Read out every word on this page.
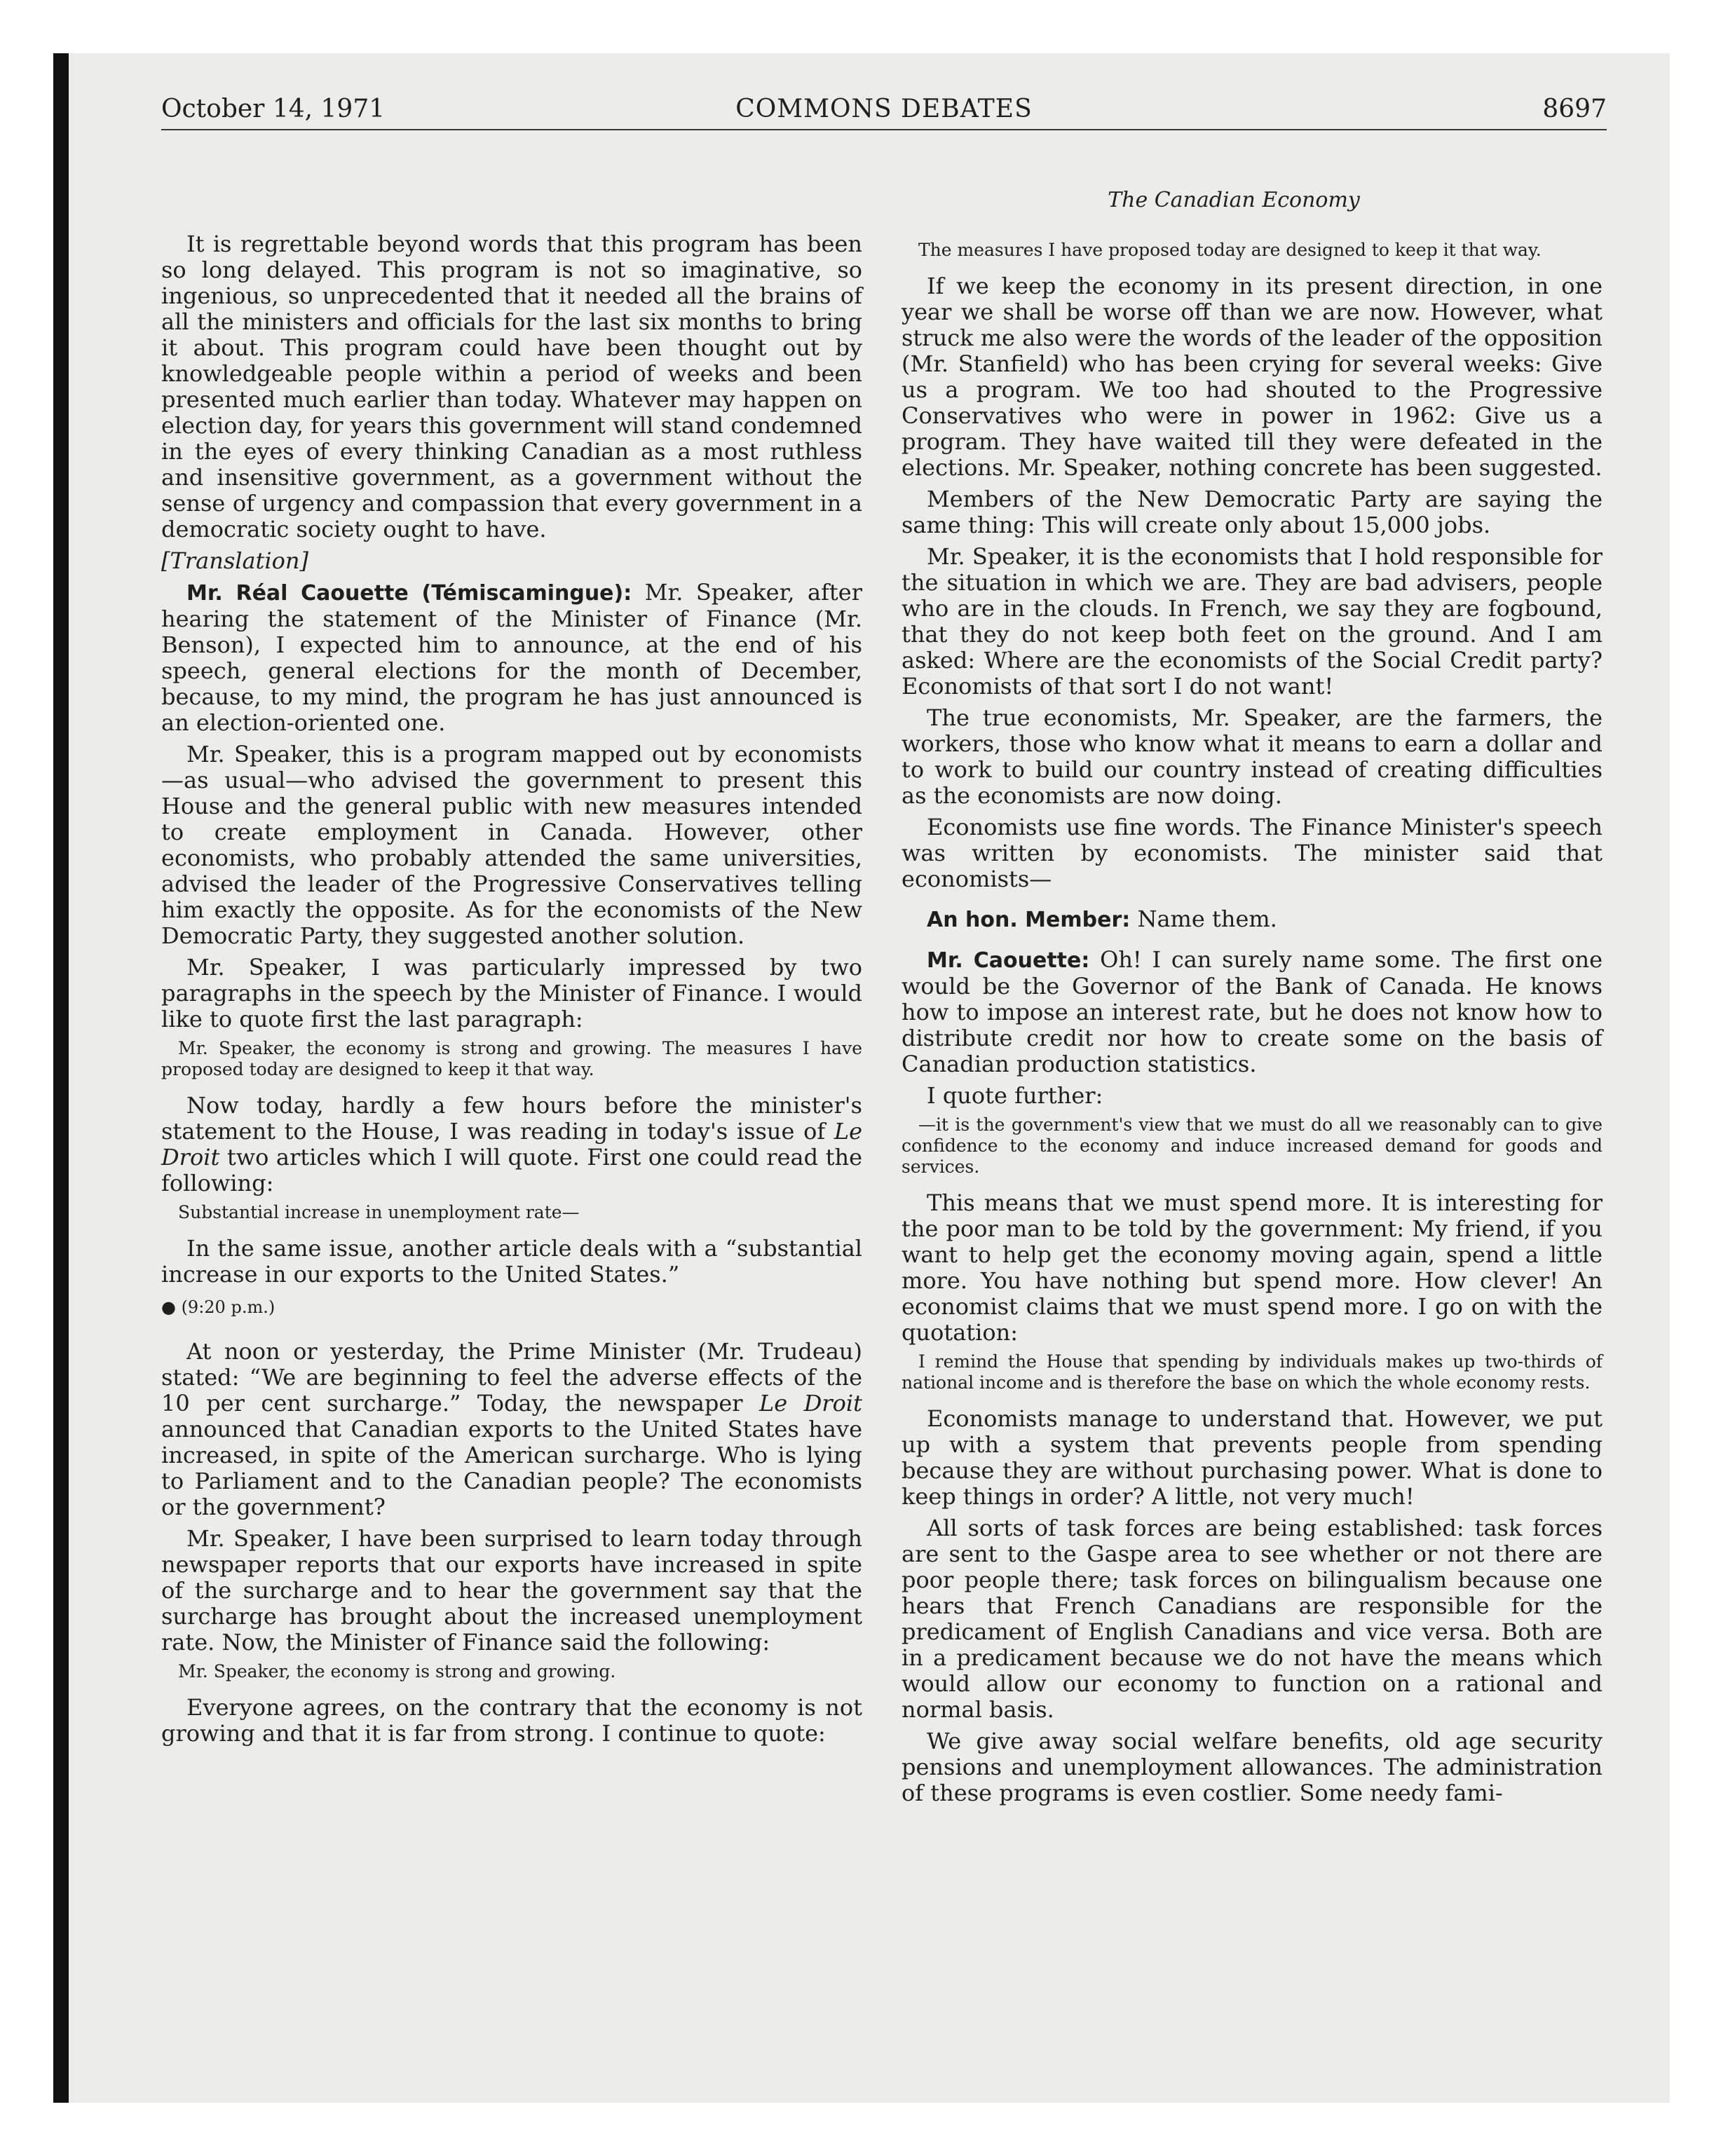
October 14, 1971	COMMONS DEBATES	8697
The Canadian Economy

It is regrettable beyond words that this program has been so long delayed. This program is not so imaginative, so ingenious, so unprecedented that it needed all the brains of all the ministers and officials for the last six months to bring it about. This program could have been thought out by knowledgeable people within a period of weeks and been presented much earlier than today. Whatever may happen on election day, for years this government will stand condemned in the eyes of every thinking Canadian as a most ruthless and insensitive government, as a government without the sense of urgency and compassion that every government in a democratic society ought to have.

[Translation]

Mr. Réal Caouette (Témiscamingue): Mr. Speaker, after hearing the statement of the Minister of Finance (Mr. Benson), I expected him to announce, at the end of his speech, general elections for the month of December, because, to my mind, the program he has just announced is an election-oriented one.

Mr. Speaker, this is a program mapped out by economists—as usual—who advised the government to present this House and the general public with new measures intended to create employment in Canada. However, other economists, who probably attended the same universities, advised the leader of the Progressive Conservatives telling him exactly the opposite. As for the economists of the New Democratic Party, they suggested another solution.

Mr. Speaker, I was particularly impressed by two paragraphs in the speech by the Minister of Finance. I would like to quote first the last paragraph:

Mr. Speaker, the economy is strong and growing. The measures I have proposed today are designed to keep it that way.

Now today, hardly a few hours before the minister's statement to the House, I was reading in today's issue of Le Droit two articles which I will quote. First one could read the following:

Substantial increase in unemployment rate—

In the same issue, another article deals with a “substantial increase in our exports to the United States.”

● (9:20 p.m.)

At noon or yesterday, the Prime Minister (Mr. Trudeau) stated: “We are beginning to feel the adverse effects of the 10 per cent surcharge.” Today, the newspaper Le Droit announced that Canadian exports to the United States have increased, in spite of the American surcharge. Who is lying to Parliament and to the Canadian people? The economists or the government?

Mr. Speaker, I have been surprised to learn today through newspaper reports that our exports have increased in spite of the surcharge and to hear the government say that the surcharge has brought about the increased unemployment rate. Now, the Minister of Finance said the following:

Mr. Speaker, the economy is strong and growing.

Everyone agrees, on the contrary that the economy is not growing and that it is far from strong. I continue to quote:

The measures I have proposed today are designed to keep it that way.

If we keep the economy in its present direction, in one year we shall be worse off than we are now. However, what struck me also were the words of the leader of the opposition (Mr. Stanfield) who has been crying for several weeks: Give us a program. We too had shouted to the Progressive Conservatives who were in power in 1962: Give us a program. They have waited till they were defeated in the elections. Mr. Speaker, nothing concrete has been suggested.

Members of the New Democratic Party are saying the same thing: This will create only about 15,000 jobs.

Mr. Speaker, it is the economists that I hold responsible for the situation in which we are. They are bad advisers, people who are in the clouds. In French, we say they are fogbound, that they do not keep both feet on the ground. And I am asked: Where are the economists of the Social Credit party? Economists of that sort I do not want!

The true economists, Mr. Speaker, are the farmers, the workers, those who know what it means to earn a dollar and to work to build our country instead of creating difficulties as the economists are now doing.

Economists use fine words. The Finance Minister's speech was written by economists. The minister said that economists—

An hon. Member: Name them.

Mr. Caouette: Oh! I can surely name some. The first one would be the Governor of the Bank of Canada. He knows how to impose an interest rate, but he does not know how to distribute credit nor how to create some on the basis of Canadian production statistics.

I quote further:

—it is the government's view that we must do all we reasonably can to give confidence to the economy and induce increased demand for goods and services.

This means that we must spend more. It is interesting for the poor man to be told by the government: My friend, if you want to help get the economy moving again, spend a little more. You have nothing but spend more. How clever! An economist claims that we must spend more. I go on with the quotation:

I remind the House that spending by individuals makes up two-thirds of national income and is therefore the base on which the whole economy rests.

Economists manage to understand that. However, we put up with a system that prevents people from spending because they are without purchasing power. What is done to keep things in order? A little, not very much!

All sorts of task forces are being established: task forces are sent to the Gaspe area to see whether or not there are poor people there; task forces on bilingualism because one hears that French Canadians are responsible for the predicament of English Canadians and vice versa. Both are in a predicament because we do not have the means which would allow our economy to function on a rational and normal basis.

We give away social welfare benefits, old age security pensions and unemployment allowances. The administration of these programs is even costlier. Some needy fami-
